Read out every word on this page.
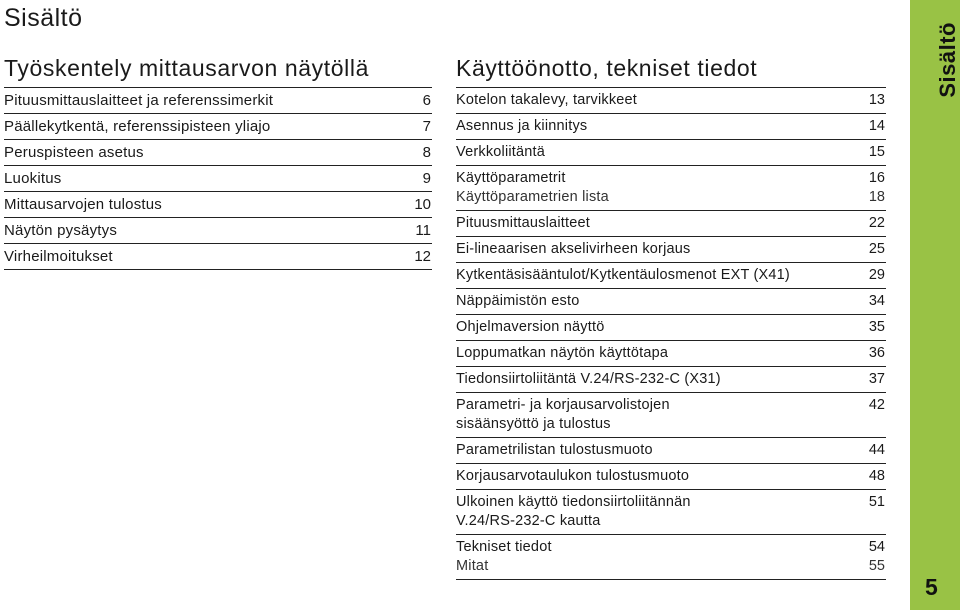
Sisältö
Työskentely mittausarvon näytöllä
Pituusmittauslaitteet ja referenssimerkit	6
Päällekytkentä, referenssipisteen yliajo	7
Peruspisteen asetus	8
Luokitus	9
Mittausarvojen tulostus	10
Näytön pysäytys	11
Virheilmoitukset	12
Käyttöönotto, tekniset tiedot
Kotelon takalevy, tarvikkeet	13
Asennus ja kiinnitys	14
Verkkoliitäntä	15
Käyttöparametrit	16
Käyttöparametrien lista	18
Pituusmittauslaitteet	22
Ei-lineaarisen akselivirheen korjaus	25
Kytkentäsisääntulot/Kytkentäulosmenot EXT (X41)	29
Näppäimistön esto	34
Ohjelmaversion näyttö	35
Loppumatkan näytön käyttötapa	36
Tiedonsiirtoliitäntä V.24/RS-232-C (X31)	37
Parametri- ja korjausarvolistojen	42
sisäänsyöttö ja tulostus
Parametrilistan tulostusmuoto	44
Korjausarvotaulukon tulostusmuoto	48
Ulkoinen käyttö tiedonsiirtoliitännän	51
V.24/RS-232-C kautta
Tekniset tiedot	54
Mitat	55
Sisältö
5
